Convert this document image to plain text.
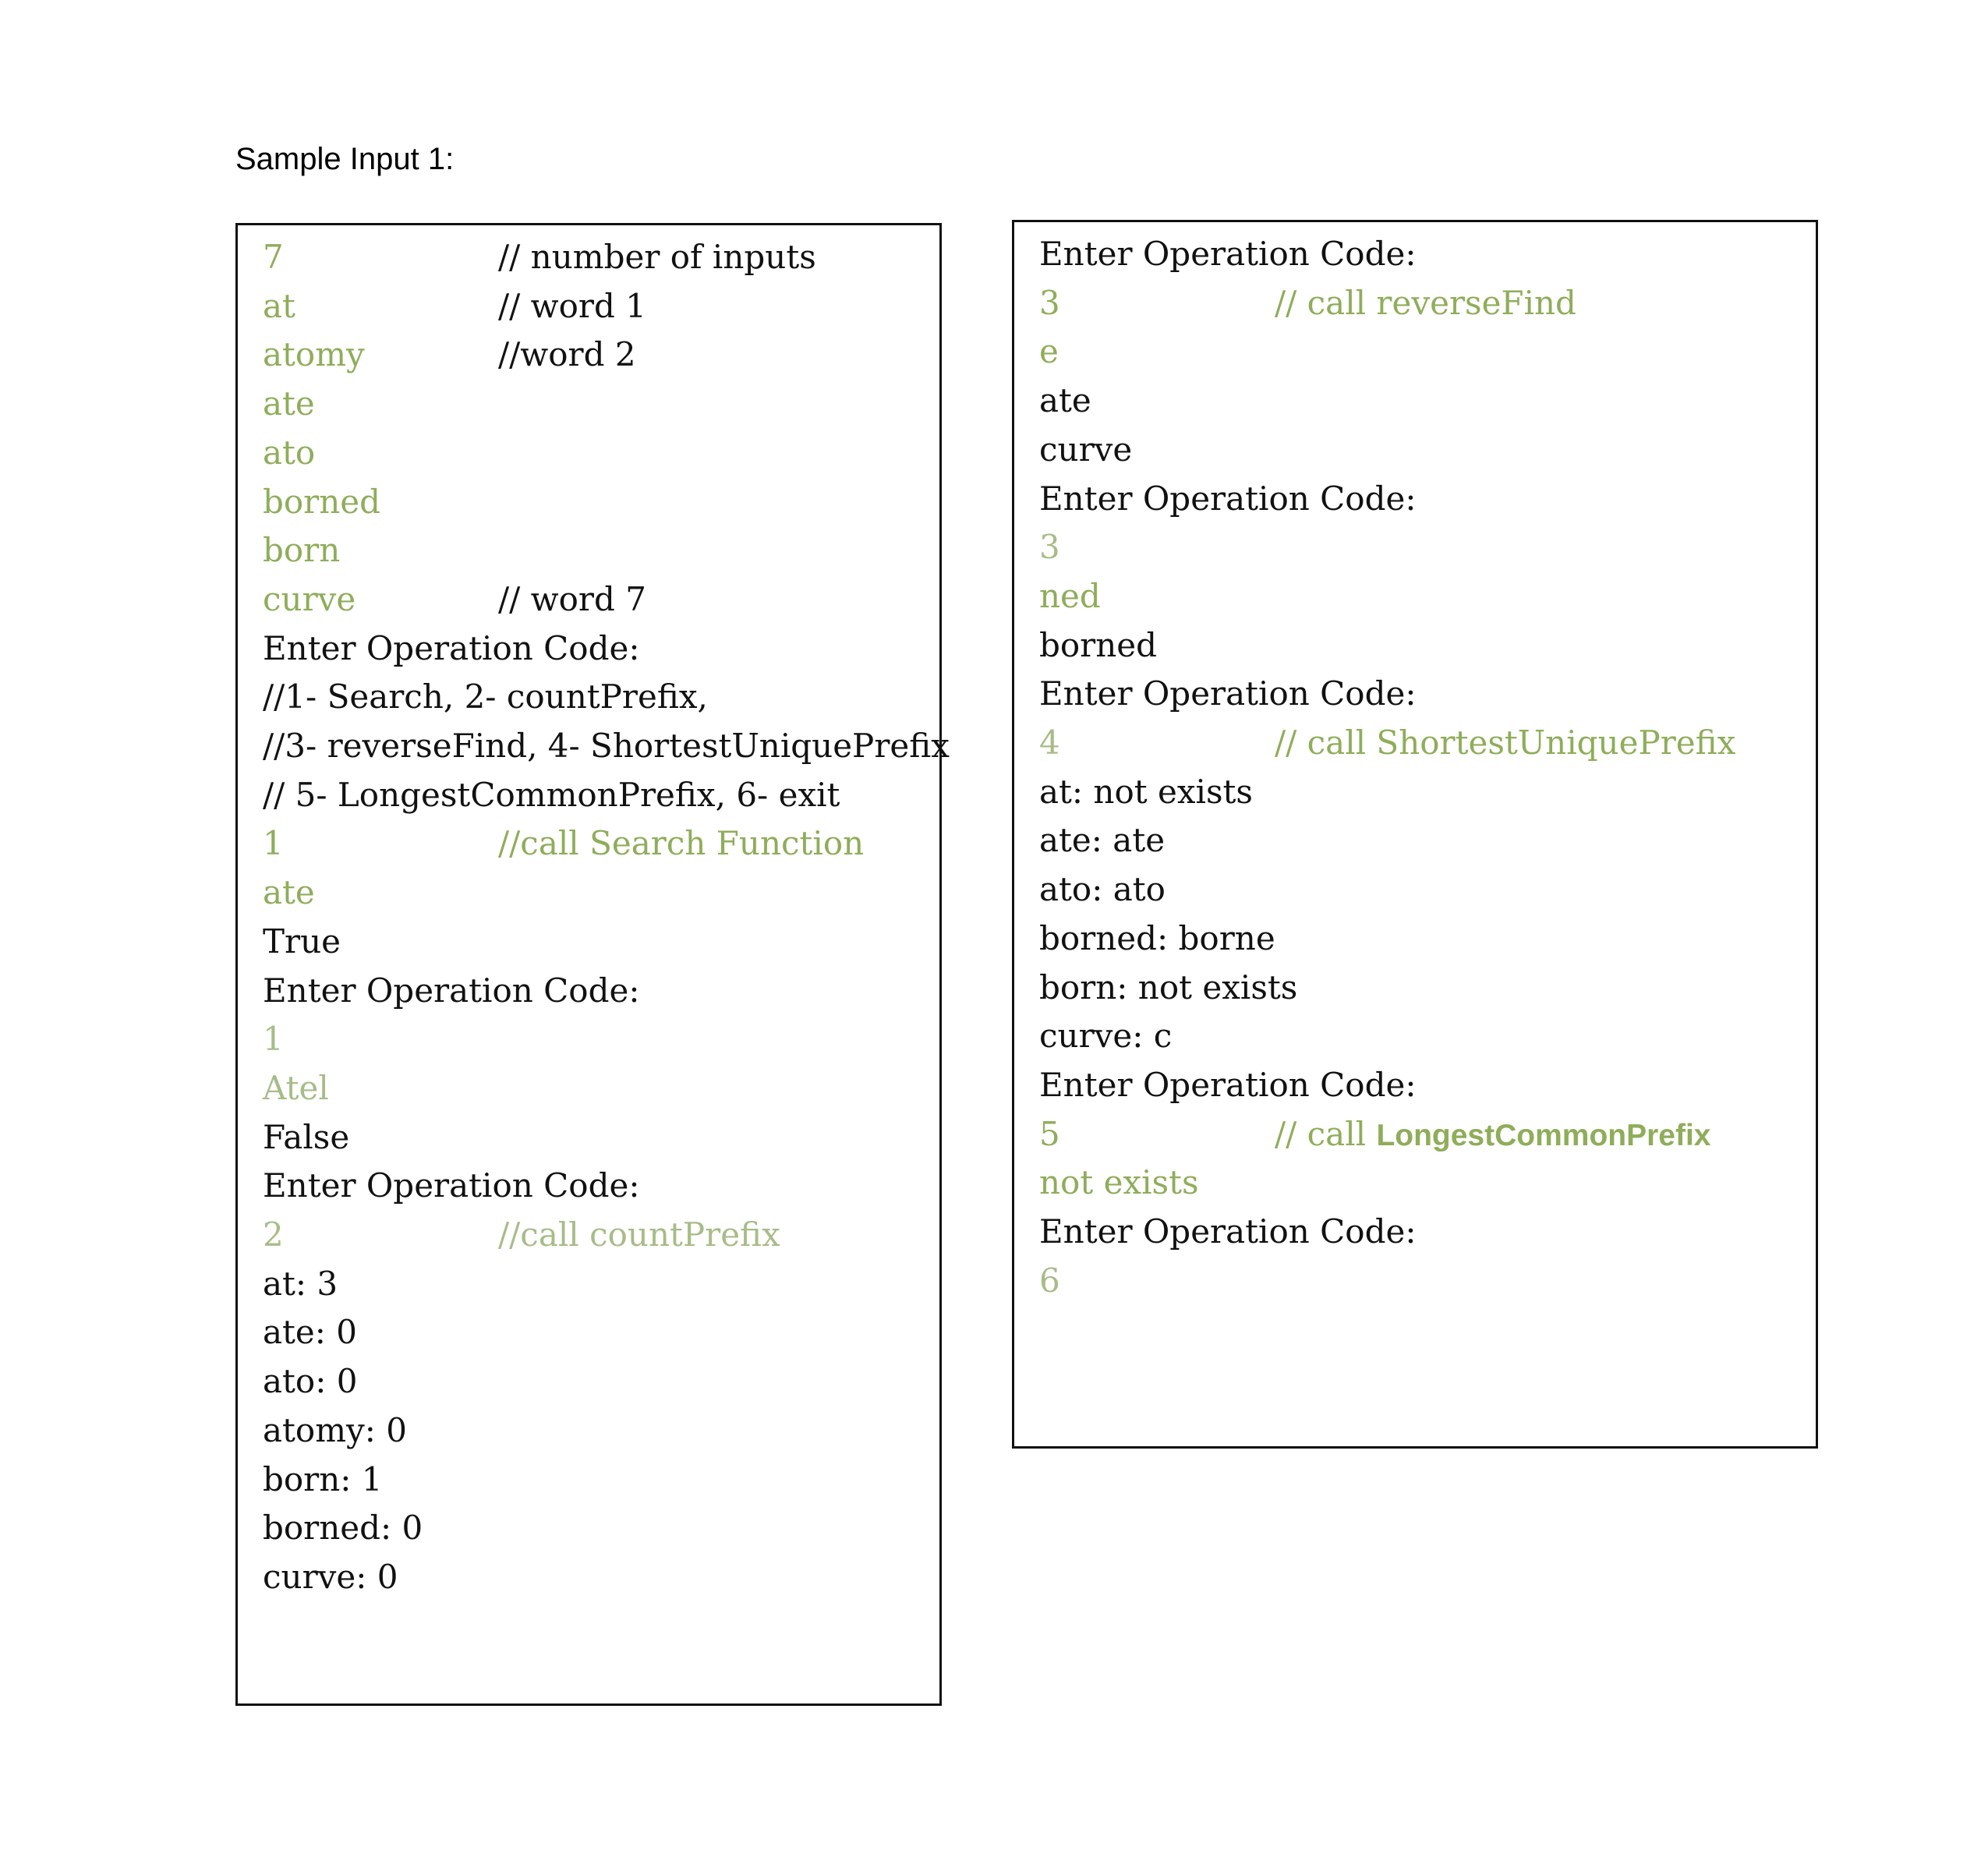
Sample Input 1:
7	// number of inputs
at	// word 1
atomy	//word 2
ate
ato
borned
born
curve	// word 7
Enter Operation Code:
//1- Search, 2- countPrefix,
//3- reverseFind, 4- ShortestUniquePrefix
// 5- LongestCommonPrefix, 6- exit
1	//call Search Function
ate
True
Enter Operation Code:
1
Atel
False
Enter Operation Code:
2	//call countPrefix
at: 3
ate: 0
ato: 0
atomy: 0
born: 1
borned: 0
curve: 0
Enter Operation Code:
3	// call reverseFind
e
ate
curve
Enter Operation Code:
3
ned
borned
Enter Operation Code:
4	// call ShortestUniquePrefix
at: not exists
ate: ate
ato: ato
borned: borne
born: not exists
curve: c
Enter Operation Code:
5	// call LongestCommonPrefix
not exists
Enter Operation Code:
6
